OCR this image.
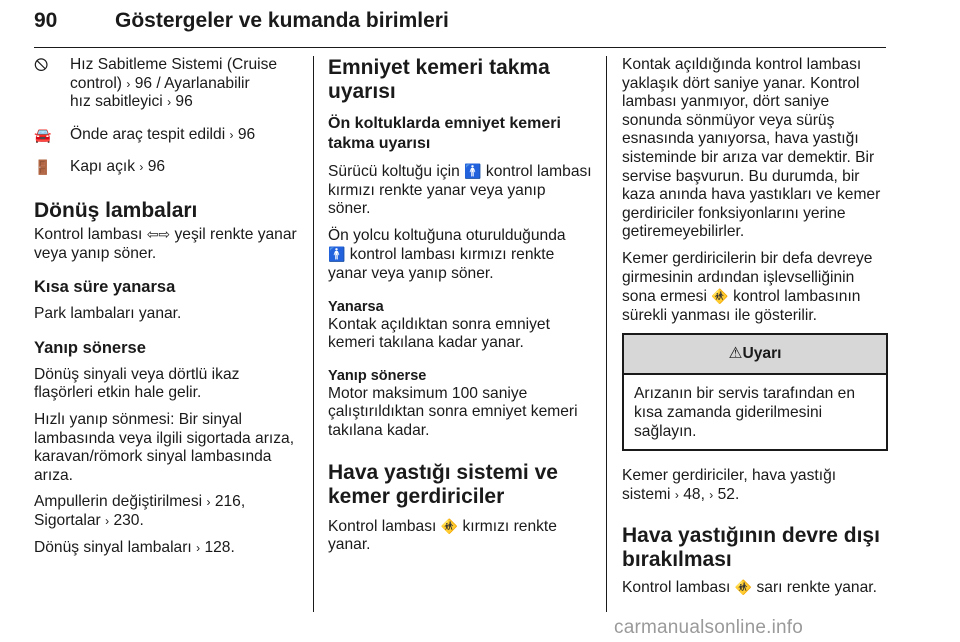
90	Göstergeler ve kumanda birimleri
🛇	Hız Sabitleme Sistemi (Cruise
control) › 96 / Ayarlanabilir
hız sabitleyici › 96
🚘	Önde araç tespit edildi › 96
🚪	Kapı açık › 96
Dönüş lambaları
Kontrol lambası ⇦⇨ yeşil renkte yanar
veya yanıp söner.
Kısa süre yanarsa
Park lambaları yanar.
Yanıp sönerse
Dönüş sinyali veya dörtlü ikaz
flaşörleri etkin hale gelir.
Hızlı yanıp sönmesi: Bir sinyal
lambasında veya ilgili sigortada arıza,
karavan/römork sinyal lambasında
arıza.
Ampullerin değiştirilmesi › 216,
Sigortalar › 230.
Dönüş sinyal lambaları › 128.
Emniyet kemeri takma
uyarısı
Ön koltuklarda emniyet kemeri
takma uyarısı
Sürücü koltuğu için 🚹 kontrol lambası
kırmızı renkte yanar veya yanıp
söner.
Ön yolcu koltuğuna oturulduğunda
🚹 kontrol lambası kırmızı renkte
yanar veya yanıp söner.
Yanarsa
Kontak açıldıktan sonra emniyet
kemeri takılana kadar yanar.
Yanıp sönerse
Motor maksimum 100 saniye
çalıştırıldıktan sonra emniyet kemeri
takılana kadar.
Hava yastığı sistemi ve
kemer gerdiriciler
Kontrol lambası 🚸 kırmızı renkte
yanar.
Kontak açıldığında kontrol lambası
yaklaşık dört saniye yanar. Kontrol
lambası yanmıyor, dört saniye
sonunda sönmüyor veya sürüş
esnasında yanıyorsa, hava yastığı
sisteminde bir arıza var demektir. Bir
servise başvurun. Bu durumda, bir
kaza anında hava yastıkları ve kemer
gerdiriciler fonksiyonlarını yerine
getiremeyebilirler.
Kemer gerdiricilerin bir defa devreye
girmesinin ardından işlevselliğinin
sona ermesi 🚸 kontrol lambasının
sürekli yanması ile gösterilir.
⚠Uyarı
Arızanın bir servis tarafından en
kısa zamanda giderilmesini
sağlayın.
Kemer gerdiriciler, hava yastığı
sistemi › 48, › 52.
Hava yastığının devre dışı
bırakılması
Kontrol lambası 🚸 sarı renkte yanar.
carmanualsonline.info
